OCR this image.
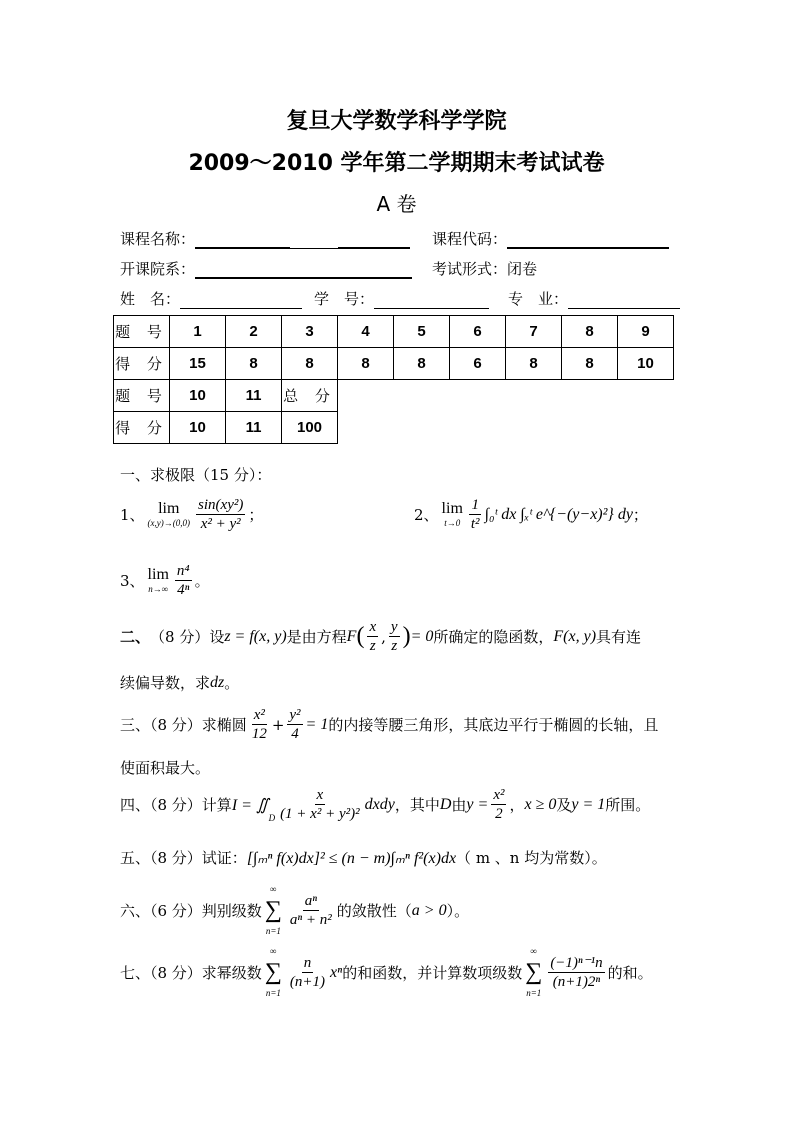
复旦大学数学科学学院
2009～2010 学年第二学期期末考试试卷
A 卷
课程名称：	课程代码：
开课院系：	考试形式：闭卷
姓　名：	学　号：	专　业：
题 号	1	2	3	4	5	6	7	8	9
得 分	15	8	8	8	8	6	8	8	10
题 号	10	11	总 分						
得 分	10	11	100						
一、求极限（15 分）：
1、 lim
$(x,y)\to(0,0) \frac{\text{sin(xy²)}}{\text{x² + y²}}$ ；	2、 lim
$t\to 0 \frac{1}{\text{t²}}$ ∫₀ᵗ dx ∫ₓᵗ e^{−(y−x)²} dy ；
3、 lim
$n\to\infty \frac{\text{n⁴}}{\text{4ⁿ}}$ 。
二、 （8 分）设 z = f(x, y) 是由方程 F ( $\frac{x}{z}$ , $\frac{y}{z}$ ) = 0 所确定的隐函数， F(x, y) 具有连
续偏导数，求 dz 。
三、（8 分）求椭圆 $\frac{\text{x²}}{12} + \frac{\text{y²}}{4} = 1$ 的内接等腰三角形，其底边平行于椭圆的长轴，且
使面积最大。
四、（8 分）计算 I = ∬
D $\frac{x}{\text{(1 + x² + y²)²}}$ dxdy ，其中 D 由 $y = \frac{\text{x²}}{2}$ ， x ≥ 0 及 y = 1 所围。
五、（8 分）试证： [∫ₘⁿ f(x)dx]² ≤ (n − m)∫ₘⁿ f²(x)dx （ m 、n 均为常数）。
六、（6 分）判别级数
∞
∑
n=1
$\frac{\text{aⁿ}}{\text{aⁿ + n²}}$ 的敛散性（ a > 0 ）。
七、（8 分）求幂级数
∞
∑
n=1
$\frac{n}{(n+1)}$ xⁿ 的和函数，并计算数项级数
∞
∑
n=1
$\frac{\text{(−1)ⁿ⁻¹n}}{\text{(n+1)2ⁿ}}$ 的和。
